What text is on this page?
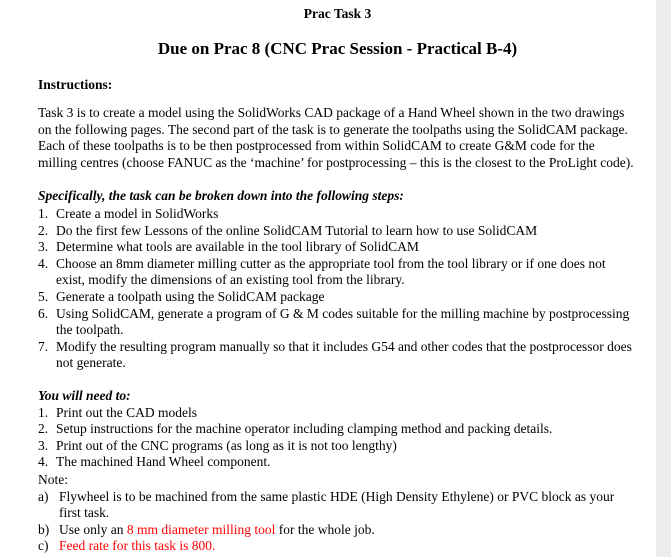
Prac Task 3
Due on Prac 8 (CNC Prac Session - Practical B-4)
Instructions:
Task 3 is to create a model using the SolidWorks CAD package of a Hand Wheel shown in the two drawings on the following pages. The second part of the task is to generate the toolpaths using the SolidCAM package. Each of these toolpaths is to be then postprocessed from within SolidCAM to create G&M code for the milling centres (choose FANUC as the ‘machine’ for postprocessing – this is the closest to the ProLight code).
Specifically, the task can be broken down into the following steps:
1. Create a model in SolidWorks
2. Do the first few Lessons of the online SolidCAM Tutorial to learn how to use SolidCAM
3. Determine what tools are available in the tool library of SolidCAM
4. Choose an 8mm diameter milling cutter as the appropriate tool from the tool library or if one does not exist, modify the dimensions of an existing tool from the library.
5. Generate a toolpath using the SolidCAM package
6. Using SolidCAM, generate a program of G & M codes suitable for the milling machine by postprocessing the toolpath.
7. Modify the resulting program manually so that it includes G54 and other codes that the postprocessor does not generate.
You will need to:
1. Print out the CAD models
2. Setup instructions for the machine operator including clamping method and packing details.
3. Print out of the CNC programs (as long as it is not too lengthy)
4. The machined Hand Wheel component.
Note:
a) Flywheel is to be machined from the same plastic HDE (High Density Ethylene) or PVC block as your first task.
b) Use only an 8 mm diameter milling tool for the whole job.
c) Feed rate for this task is 800.
